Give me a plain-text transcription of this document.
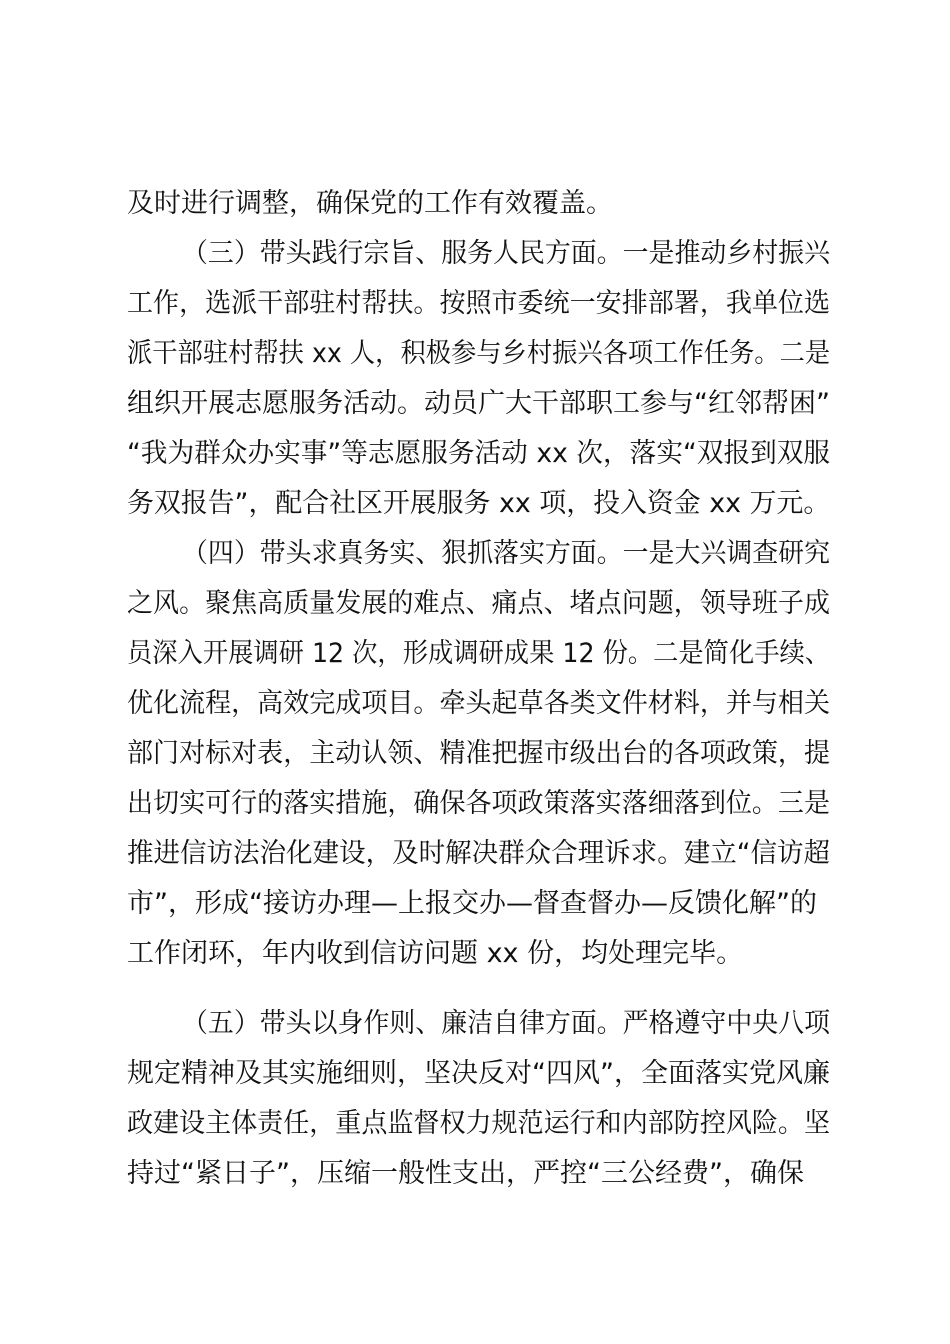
及时进行调整，确保党的工作有效覆盖。
（三）带头践行宗旨、服务人民方面。一是推动乡村振兴
工作，选派干部驻村帮扶。按照市委统一安排部署，我单位选
派干部驻村帮扶 xx 人，积极参与乡村振兴各项工作任务。二是
组织开展志愿服务活动。动员广大干部职工参与“红邻帮困”
“我为群众办实事”等志愿服务活动 xx 次，落实“双报到双服
务双报告”，配合社区开展服务 xx 项，投入资金 xx 万元。
（四）带头求真务实、狠抓落实方面。一是大兴调查研究
之风。聚焦高质量发展的难点、痛点、堵点问题，领导班子成
员深入开展调研 12 次，形成调研成果 12 份。二是简化手续、
优化流程，高效完成项目。牵头起草各类文件材料，并与相关
部门对标对表，主动认领、精准把握市级出台的各项政策，提
出切实可行的落实措施，确保各项政策落实落细落到位。三是
推进信访法治化建设，及时解决群众合理诉求。建立“信访超
市”，形成“接访办理—上报交办—督查督办—反馈化解”的
工作闭环，年内收到信访问题 xx 份，均处理完毕。
（五）带头以身作则、廉洁自律方面。严格遵守中央八项
规定精神及其实施细则，坚决反对“四风”，全面落实党风廉
政建设主体责任，重点监督权力规范运行和内部防控风险。坚
持过“紧日子”，压缩一般性支出，严控“三公经费”，确保
